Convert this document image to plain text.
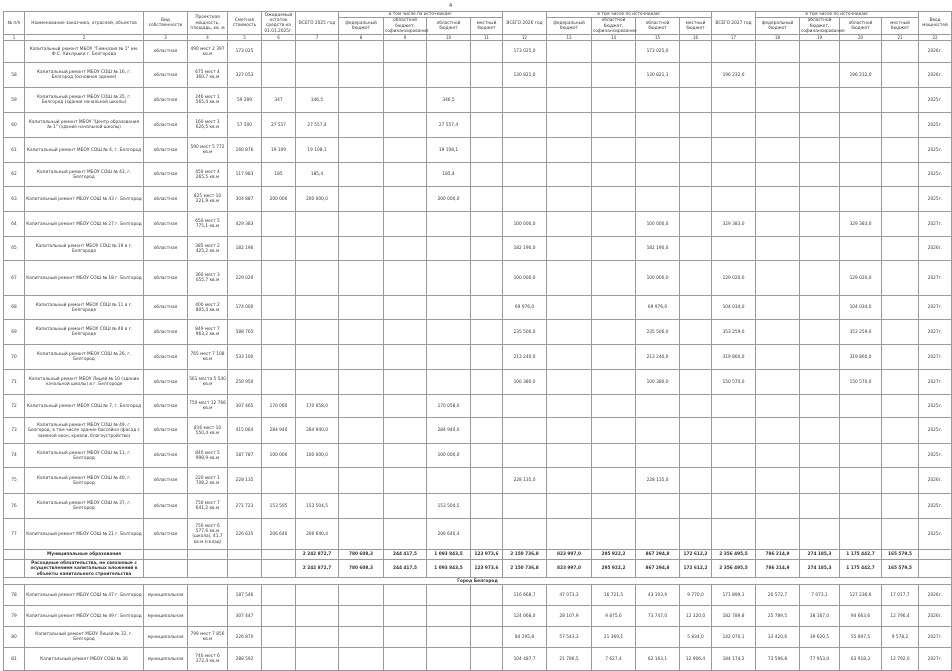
4
№ п/п	Наименование заказчика, отраслей, объектов	Вид собственности	Проектная мощность, площадь, кв. м	Сметная стоимость	Ожидаемый остаток средств на 01.01.2025г.	ВСЕГО 2025 год	в том числе по источникам:				ВСЕГО 2026 год	в том числе по источникам:				ВСЕГО 2027 год	в том числе по источникам:				Ввод мощностей
							федеральный бюджет	областной бюджет, софинансирование	областной бюджет	местный бюджет		федеральный бюджет	областной бюджет, софинансирование	областной бюджет	местный бюджет		федеральный бюджет	областной бюджет, софинансирование	областной бюджет	местный бюджет	
1	2	3	4	5	6	7	8	9	10	11	12	13	14	15	16	17	18	19	20	21	22
	Капитальный ремонт МБОУ "Гимназия № 1" им. Ф.С. Хихлушки г. Белгорода	областная	490 мест 2 397 кв.м	173 025							173 025,0			173 025,0							2026г.
58	Капитальный ремонт МБОУ СОШ № 16, г. Белгород (основное здание)	областная	675 мест 4 360,7 кв.м	327 053							130 821,0			130 821,1		196 232,0			196 232,0		2026г.
59	Капитальный ремонт МБОУ СОШ № 35, г. Белгород (здание начальной школы)	областная	246 мест 1 565,4 кв.м	59 289	347	346,5			346,5												2025г.
60	Капитальный ремонт МБОУ "Центр образования № 1" (здание начальной школы)	областная	160 мест 1 626,5 кв.м	57 500	27 557	27 557,4			27 557,4												2025г.
61	Капитальный ремонт МБОУ СОШ № 4, г. Белгород	областная	590 мест 5 772 кв.м	160 876	19 109	19 108,1			19 108,1												2025г.
62	Капитальный ремонт МБОУ СОШ № 43, г. Белгород	областная	450 мест 4 265,5 кв.м	117 983	185	185,4			185,4												2025г.
63	Капитальный ремонт МБОУ СОШ № 43 г. Белгород	областная	825 мест 10 221,9 кв.м	304 887	200 000	200 000,0			200 000,0												2025г.
64	Капитальный ремонт МБОУ СОШ № 27 г. Белгород	областная	650 мест 5 775,1 кв.м	429 383							100 000,0			100 000,0		329 383,0			329 383,0		2027г.
65	Капитальный ремонт МБОУ СОШ № 19 в г. Белгороде	областная	385 мест 2 425,2 кв.м	182 190							182 190,0			182 190,0							2026г.
67	Капитальный ремонт МБОУ СОШ № 18 г. Белгород	областная	360 мест 3 055,7 кв.м	229 020							100 000,0			100 000,0		129 020,0			129 020,0		2027г.
68	Капитальный ремонт МБОУ СОШ № 11 в г. Белгороде	областная	400 мест 2 805,4 кв.м	174 000							69 976,0			69 976,0		104 034,0			104 034,0		2027г.
69	Капитальный ремонт МБОУ СОШ № 46 в г. Белгороде	областная	849 мест 7 963,2 кв.м	588 765							235 506,0			235 506,0		353 259,0			353 259,0		2027г.
70	Капитальный ремонт МБОУ СОШ № 26, г. Белгород	областная	765 мест 7 108 кв.м	533 100							213 240,0			213 240,0		319 860,0			319 860,0		2027г.
71	Капитальный ремонт МБОУ Лицей № 10 (здание начальной школы) в г. Белгороде	областная	561 места 5 540 кв.м	250 950							100 380,0			100 380,0		150 570,0			150 570,0		2027г.
72	Капитальный ремонт МБОУ СОШ № 7, г. Белгород	областная	750 мест 12 766 кв.м	307 465	170 060	170 058,0			170 058,0												2025г.
73	Капитальный ремонт МБОУ СОШ № 49, г. Белгород, в том числе здание бассейна (фасад с заменой окон, кровли, благоустройство)	областная	816 мест 10 550,4 кв.м	415 064	284 940	284 940,0			284 940,0												2025г.
74	Капитальный ремонт МБОУ СОШ № 11, г. Белгород	областная	840 мест 5 998,9 кв.м	187 787	100 000	100 000,0			100 000,0												2025г.
75	Капитальный ремонт МБОУ СОШ № 40, г. Белгород	областная	220 мест 1 708,2 кв.м	228 135							228 135,0			228 135,0							2026г.
76	Капитальный ремонт МБОУ СОШ № 37, г. Белгород	областная	750 мест 7 641,2 кв.м	271 723	153 505	153 504,5			153 504,5												2025г.
77	Капитальный ремонт МБОУ СОШ № 21 г. Белгород	областная	750 мест 6 577,6 кв.м (школа), 41,7 кв.м (склад)	226 635	206 640	206 640,4			206 640,4												2025г.
	Муниципальные образования					2 242 872,7	780 608,3	244 417,5	1 093 843,5	123 973,6	2 150 736,8	823 997,0	295 922,2	867 294,8	172 612,2	2 356 495,5	786 214,9	274 185,3	1 175 442,7	165 579,5	
	Расходные обязательства, не связанные с осуществлением капитальных вложений в объекты капитального строительства					2 242 872,7	780 608,3	244 417,5	1 093 843,5	123 973,6	2 150 736,8	823 997,0	295 922,2	867 294,8	172 612,2	2 356 495,5	786 214,9	274 185,3	1 175 442,7	165 579,5	
Город Белгород																					
78	Капитальный ремонт МБОУ СОШ № 47 г. Белгород	муниципальная		187 546							116 668,7	47 073,3	16 721,5	43 103,9	9 770,0	171 899,1	20 572,7	7 073,1	127 236,6	17 017,7	2026г.
79	Капитальный ремонт МБОУ СОШ № 49 г. Белгород	муниципальная		307 447							124 068,0	28 107,9	9 875,6	73 747,0	12 320,0	182 789,8	25 789,5	38 167,0	94 663,6	12 796,4	2026г.
80	Капитальный ремонт МБОУ Лицей № 32, г. Белгород	муниципальная	799 мест 7 856 кв.м	226 870							84 295,8	57 543,3	21 369,1		5 834,0	142 070,1	33 420,6	39 620,5	55 897,5	9 578,2	2027г.
81	Капитальный ремонт МБОУ СОШ № 36	муниципальная	740 мест 6 372,4 кв.м	288 592							104 487,7	21 786,5	7 627,4	62 163,1	12 906,4	184 174,2	73 596,8	77 953,0	63 918,3	12 792,0	2027г.
